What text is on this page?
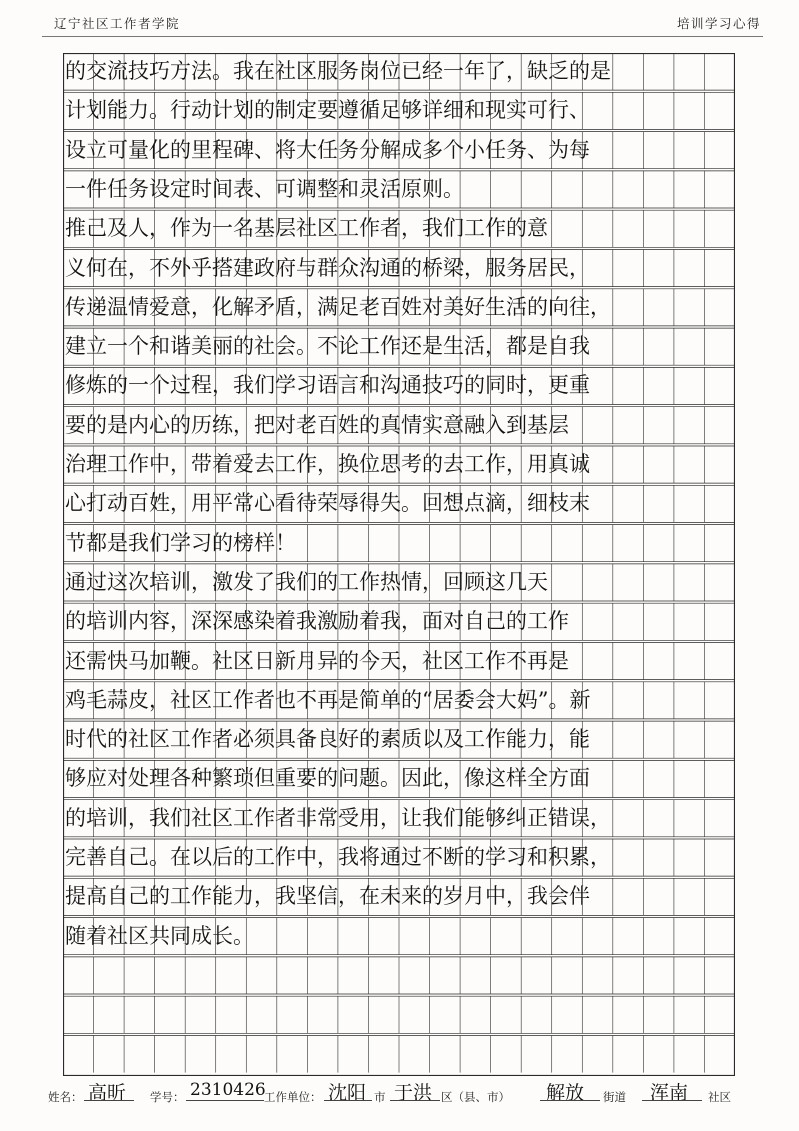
辽宁社区工作者学院	培训学习心得
的交流技巧方法。我在社区服务岗位已经一年了，缺乏的是
计划能力。行动计划的制定要遵循足够详细和现实可行、
设立可量化的里程碑、将大任务分解成多个小任务、为每
一件任务设定时间表、可调整和灵活原则。
推己及人，作为一名基层社区工作者，我们工作的意
义何在，不外乎搭建政府与群众沟通的桥梁，服务居民，
传递温情爱意，化解矛盾，满足老百姓对美好生活的向往，
建立一个和谐美丽的社会。不论工作还是生活，都是自我
修炼的一个过程，我们学习语言和沟通技巧的同时，更重
要的是内心的历练，把对老百姓的真情实意融入到基层
治理工作中，带着爱去工作，换位思考的去工作，用真诚
心打动百姓，用平常心看待荣辱得失。回想点滴，细枝末
节都是我们学习的榜样！
通过这次培训，激发了我们的工作热情，回顾这几天
的培训内容，深深感染着我激励着我，面对自己的工作
还需快马加鞭。社区日新月异的今天，社区工作不再是
鸡毛蒜皮，社区工作者也不再是简单的“居委会大妈”。新
时代的社区工作者必须具备良好的素质以及工作能力，能
够应对处理各种繁琐但重要的问题。因此，像这样全方面
的培训，我们社区工作者非常受用，让我们能够纠正错误，
完善自己。在以后的工作中，我将通过不断的学习和积累，
提高自己的工作能力，我坚信，在未来的岁月中，我会伴
随着社区共同成长。
姓名： 高昕 学号： 2310426
工作单位： 沈阳 市 于洪 区（县、市） 解放 街道 浑南 社区
